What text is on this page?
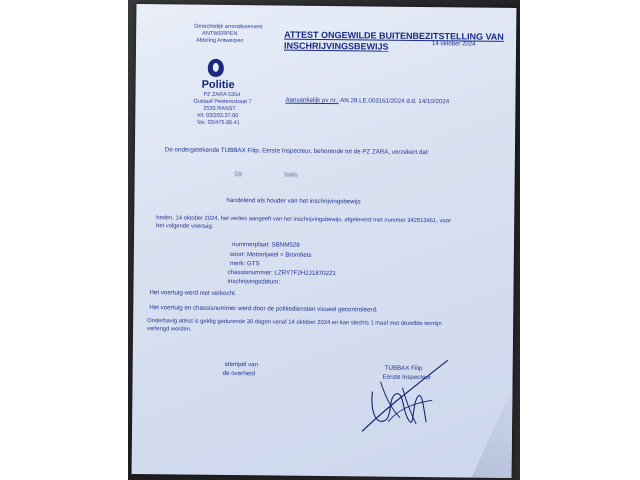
Gerechtelijk arrondissement
ANTWERPEN
Afdeling Antwerpen
Politie
PZ ZARA 5354
Gustaaf Peetersstraat 7
2520 RANST
tel. 03/203.37.00
fax: 03/475.06.41
ATTEST ONGEWILDE BUITENBEZITSTELLING VAN
INSCHRIJVINGSBEWIJS	14 oktober 2024
Aanvankelijk pv nr.: AN.28.LE.003161/2024 d.d. 14/10/2024
De ondergetekende TUBBAX Filip, Eerste Inspecteur, behorende tot de PZ ZARA, verzekert dat:
Dir	bailo
handelend als houder van het inschrijvingsbewijs
heden, 14 oktober 2024, het verlies aangeeft van het inschrijvingsbewijs, afgeleverd met nummer 342513461, voor
het volgende voertuig:
nummerplaat: SBNM528
soort: Motorrijwiel > Bromfiets
merk: GTS
chassisnummer: LZRY7F2H2J1870221
inschrijvingsdatum:
Het voertuig werd niet verkocht.
Het voertuig en chassisnummer werd door de politiediensten visueel gecontroleerd.
Onderhavig attest is geldig gedurende 30 dagen vanaf 14 oktober 2024 en kan slechts 1 maal met dezelfde termijn
verlengd worden.
stempel van
de overheid
TUBBAX Filip
Eerste Inspecteur
